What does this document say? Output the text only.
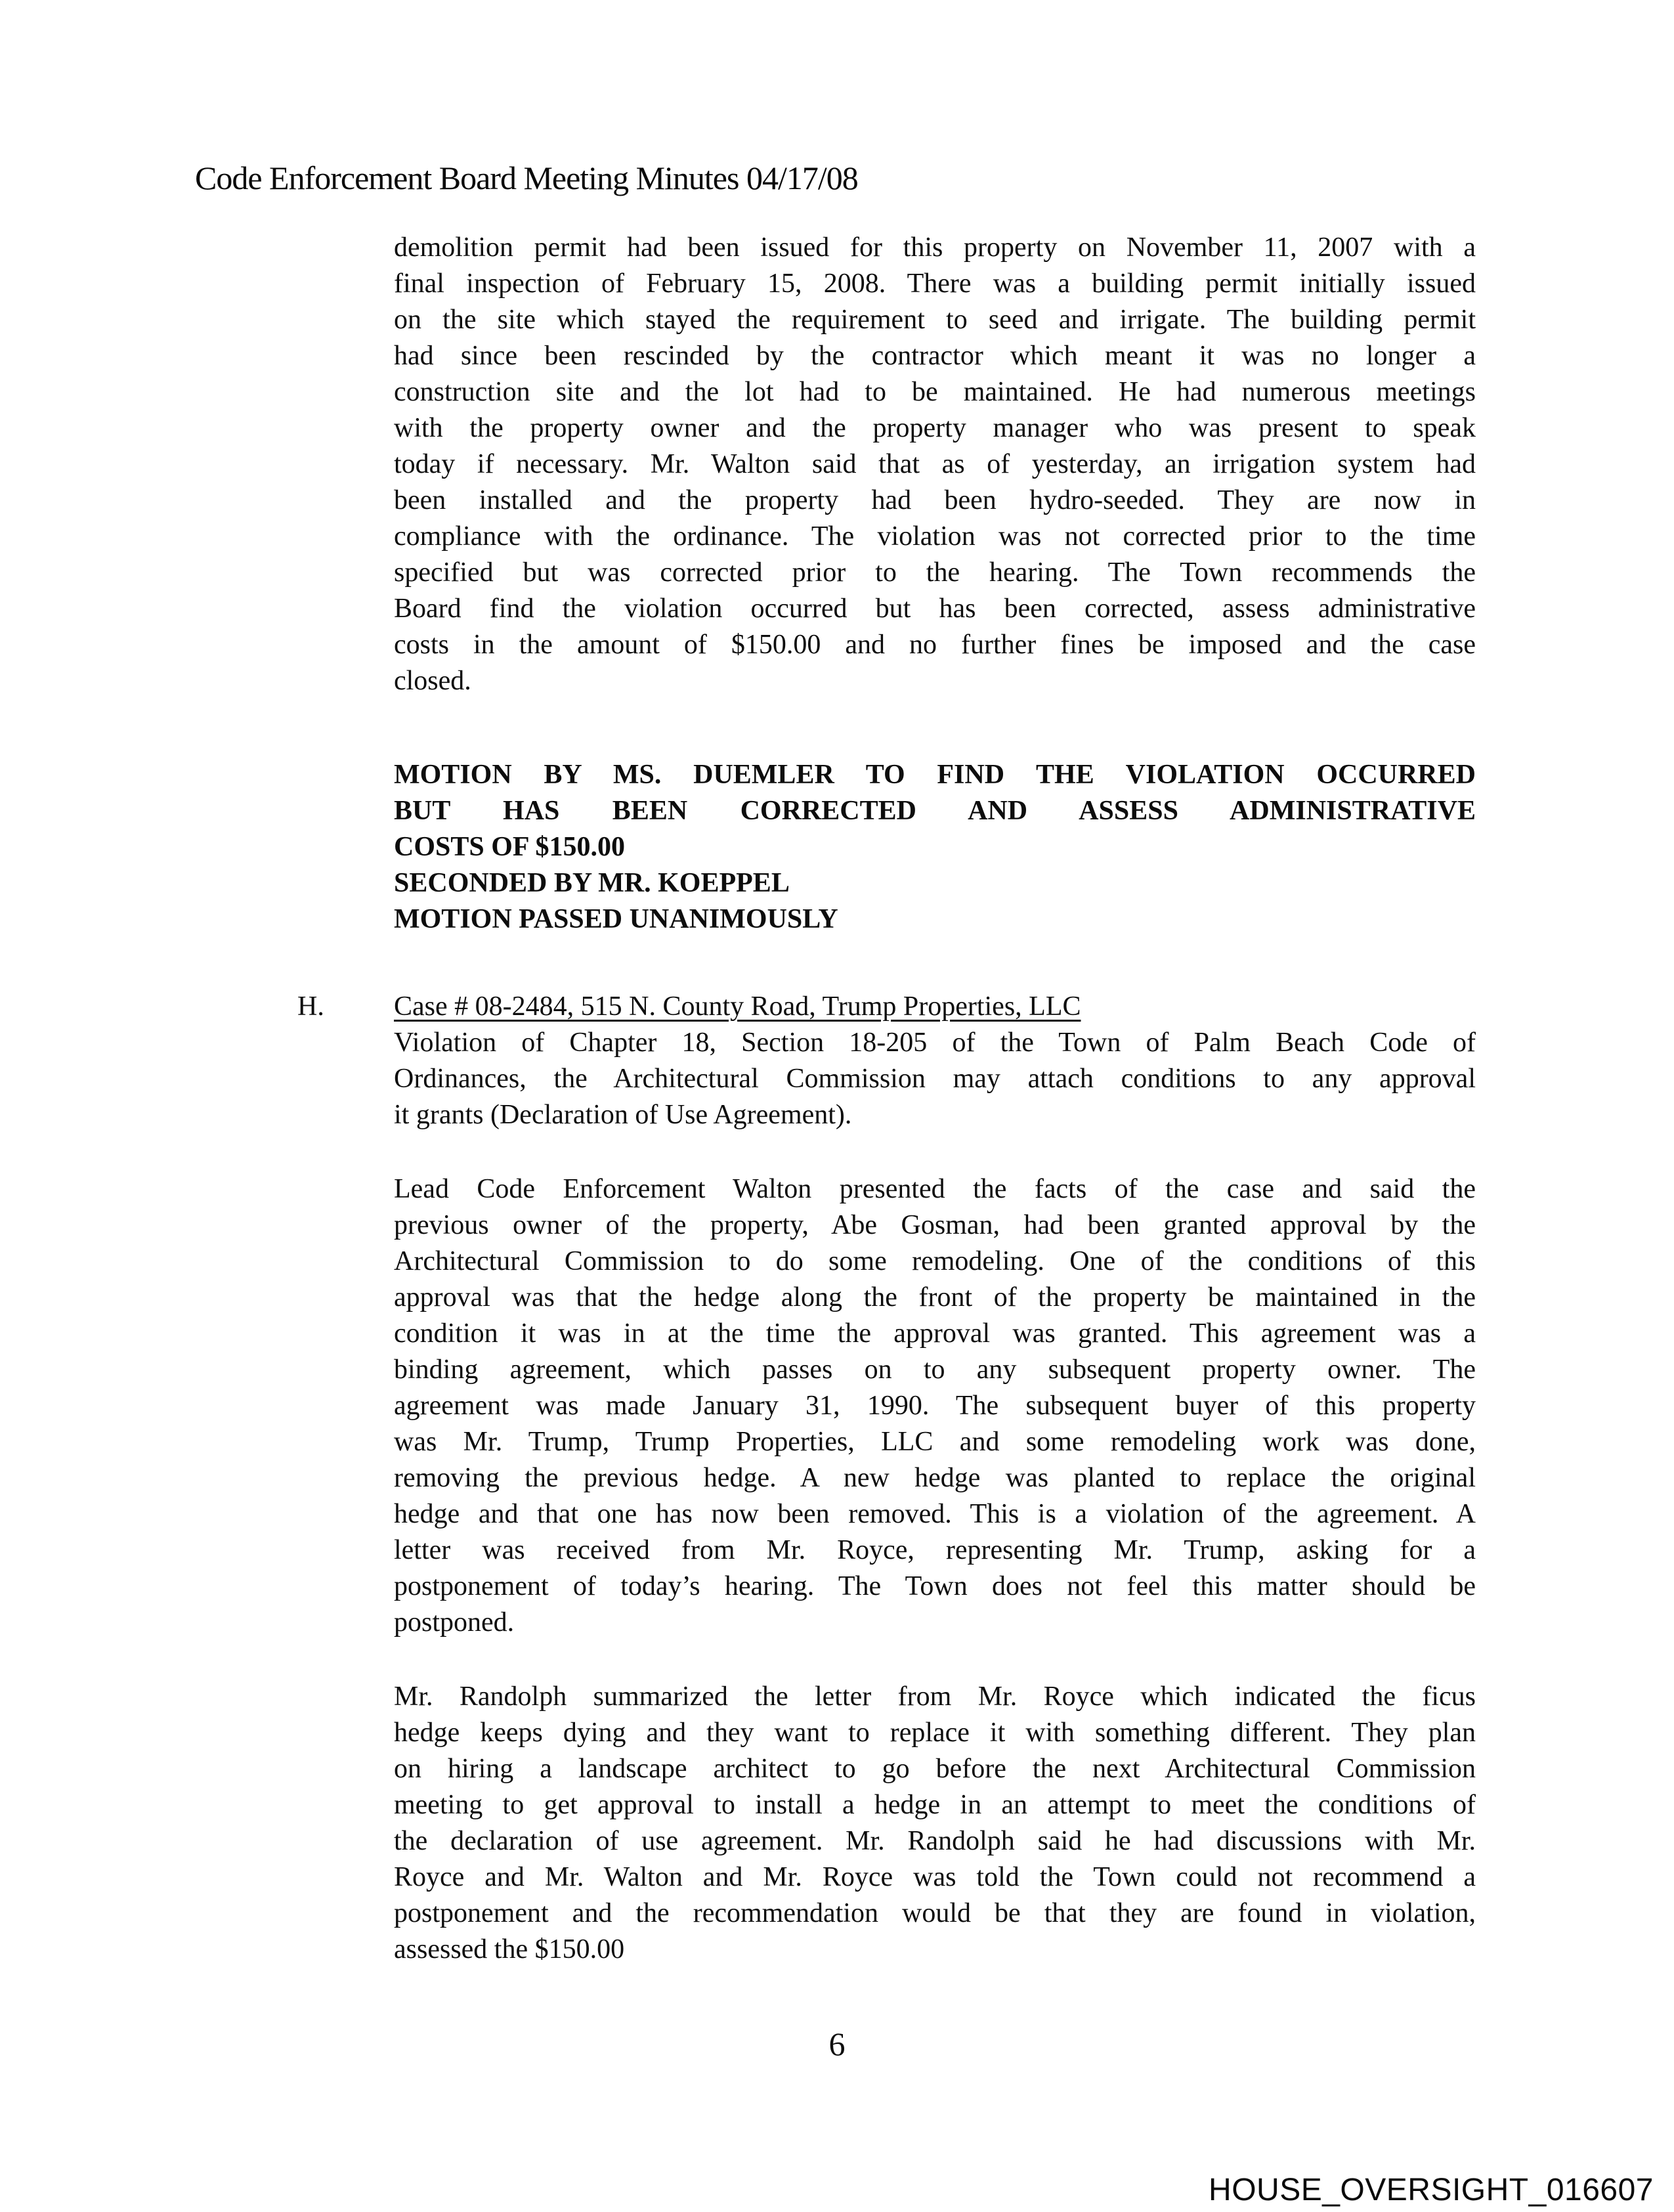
Code Enforcement Board Meeting Minutes 04/17/08
demolition permit had been issued for this property on November 11, 2007 with a
final inspection of February 15, 2008. There was a building permit initially issued
on the site which stayed the requirement to seed and irrigate. The building permit
had since been rescinded by the contractor which meant it was no longer a
construction site and the lot had to be maintained. He had numerous meetings
with the property owner and the property manager who was present to speak
today if necessary. Mr. Walton said that as of yesterday, an irrigation system had
been installed and the property had been hydro-seeded. They are now in
compliance with the ordinance. The violation was not corrected prior to the time
specified but was corrected prior to the hearing. The Town recommends the
Board find the violation occurred but has been corrected, assess administrative
costs in the amount of $150.00 and no further fines be imposed and the case
closed.
MOTION BY MS. DUEMLER TO FIND THE VIOLATION OCCURRED
BUT HAS BEEN CORRECTED AND ASSESS ADMINISTRATIVE
COSTS OF $150.00
SECONDED BY MR. KOEPPEL
MOTION PASSED UNANIMOUSLY
H.	Case # 08-2484, 515 N. County Road, Trump Properties, LLC
Violation of Chapter 18, Section 18-205 of the Town of Palm Beach Code of
Ordinances, the Architectural Commission may attach conditions to any approval
it grants (Declaration of Use Agreement).
Lead Code Enforcement Walton presented the facts of the case and said the
previous owner of the property, Abe Gosman, had been granted approval by the
Architectural Commission to do some remodeling. One of the conditions of this
approval was that the hedge along the front of the property be maintained in the
condition it was in at the time the approval was granted. This agreement was a
binding agreement, which passes on to any subsequent property owner. The
agreement was made January 31, 1990. The subsequent buyer of this property
was Mr. Trump, Trump Properties, LLC and some remodeling work was done,
removing the previous hedge. A new hedge was planted to replace the original
hedge and that one has now been removed. This is a violation of the agreement. A
letter was received from Mr. Royce, representing Mr. Trump, asking for a
postponement of today’s hearing. The Town does not feel this matter should be
postponed.
Mr. Randolph summarized the letter from Mr. Royce which indicated the ficus
hedge keeps dying and they want to replace it with something different. They plan
on hiring a landscape architect to go before the next Architectural Commission
meeting to get approval to install a hedge in an attempt to meet the conditions of
the declaration of use agreement. Mr. Randolph said he had discussions with Mr.
Royce and Mr. Walton and Mr. Royce was told the Town could not recommend a
postponement and the recommendation would be that they are found in violation,
assessed the $150.00
6
HOUSE_OVERSIGHT_016607
